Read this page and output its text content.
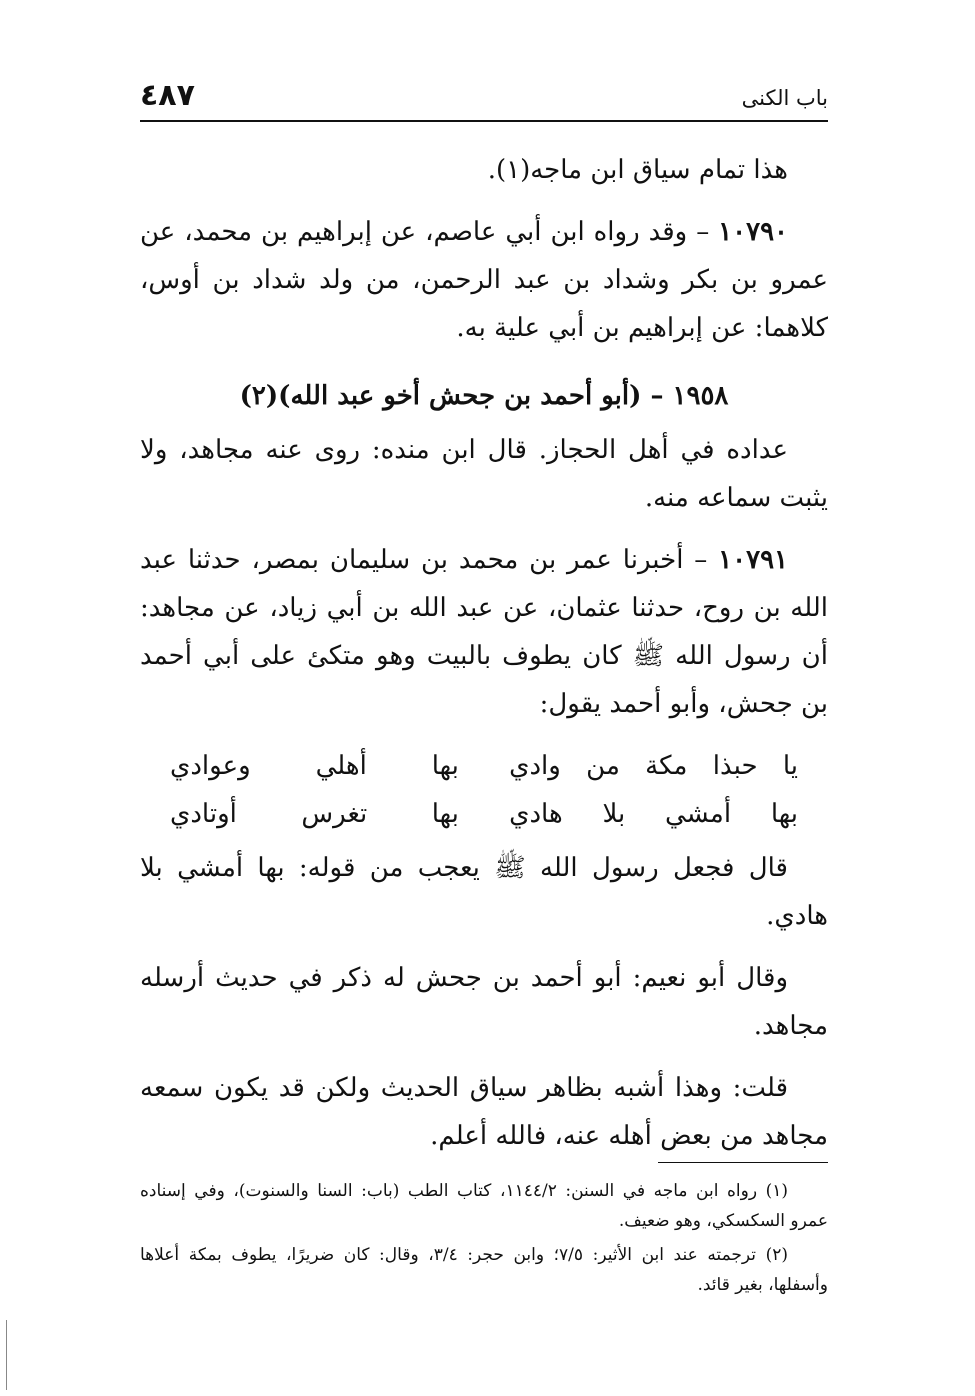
باب الكنى
٤٨٧

هذا تمام سياق ابن ماجه(١).

١٠٧٩٠ – وقد رواه ابن أبي عاصم، عن إبراهيم بن محمد، عن عمرو بن بكر وشداد بن عبد الرحمن، من ولد شداد بن أوس، كلاهما: عن إبراهيم بن أبي علية به.

١٩٥٨ – (أبو أحمد بن جحش أخو عبد الله)(٢)

عداده في أهل الحجاز. قال ابن منده: روى عنه مجاهد، ولا يثبت سماعه منه.

١٠٧٩١ – أخبرنا عمر بن محمد بن سليمان بمصر، حدثنا عبد الله بن روح، حدثنا عثمان، عن عبد الله بن أبي زياد، عن مجاهد: أن رسول الله ﷺ كان يطوف بالبيت وهو متكئ على أبي أحمد بن جحش، وأبو أحمد يقول:

يا حبذا مكة من وادي
بها أهلي وعوادي
بها أمشي بلا هادي
بها تغرس أوتادي

قال فجعل رسول الله ﷺ يعجب من قوله: بها أمشي بلا هادي.

وقال أبو نعيم: أبو أحمد بن جحش له ذكر في حديث أرسله مجاهد.

قلت: وهذا أشبه بظاهر سياق الحديث ولكن قد يكون سمعه مجاهد من بعض أهله عنه، فالله أعلم.

(١) رواه ابن ماجه في السنن: ١١٤٤/٢، كتاب الطب (باب: السنا والسنوت)، وفي إسناده عمرو السكسكي، وهو ضعيف.

(٢) ترجمته عند ابن الأثير: ٧/٥؛ وابن حجر: ٣/٤، وقال: كان ضريرًا، يطوف بمكة أعلاها وأسفلها، بغير قائد.
